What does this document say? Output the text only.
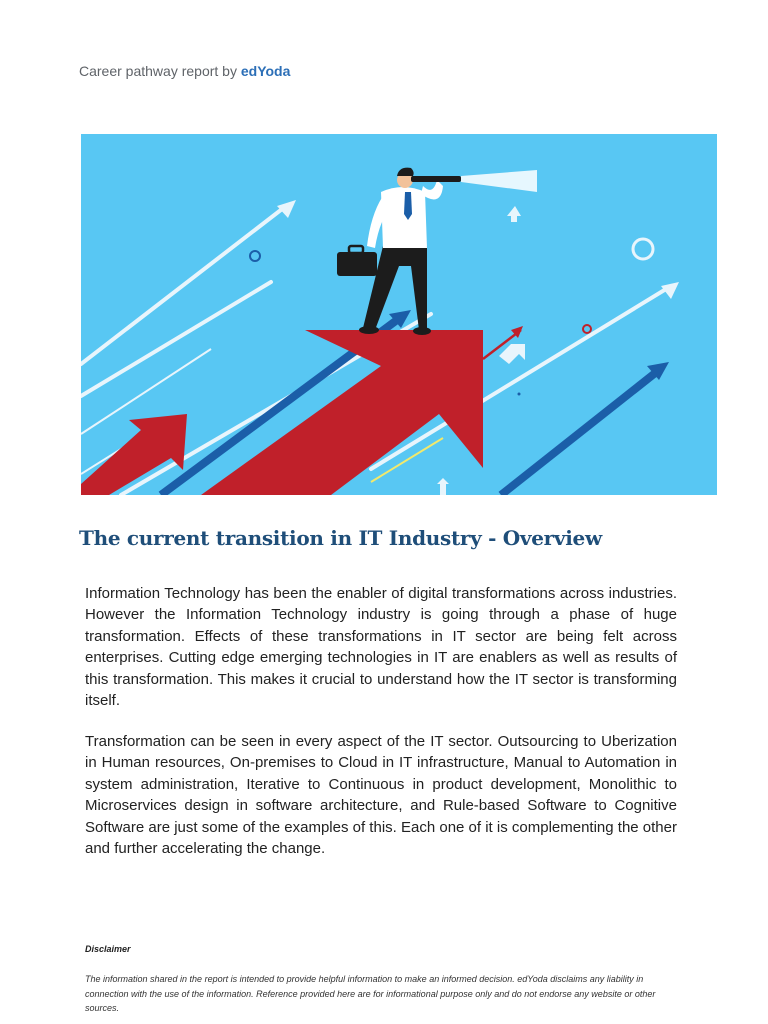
Career pathway report by edYoda
The current transition in IT Industry - Overview

Information Technology has been the enabler of digital transformations across industries. However the Information Technology industry is going through a phase of huge transformation. Effects of these transformations in IT sector are being felt across enterprises. Cutting edge emerging technologies in IT are enablers as well as results of this transformation. This makes it crucial to understand how the IT sector is transforming itself.

Transformation can be seen in every aspect of the IT sector. Outsourcing to Uberization in Human resources, On-premises to Cloud in IT infrastructure, Manual to Automation in system administration, Iterative to Continuous in product development, Monolithic to Microservices design in software architecture, and Rule-based Software to Cognitive Software are just some of the examples of this. Each one of it is complementing the other and further accelerating the change.

Disclaimer

The information shared in the report is intended to provide helpful information to make an informed decision. edYoda disclaims any liability in connection with the use of the information. Reference provided here are for informational purpose only and do not endorse any website or other sources.
